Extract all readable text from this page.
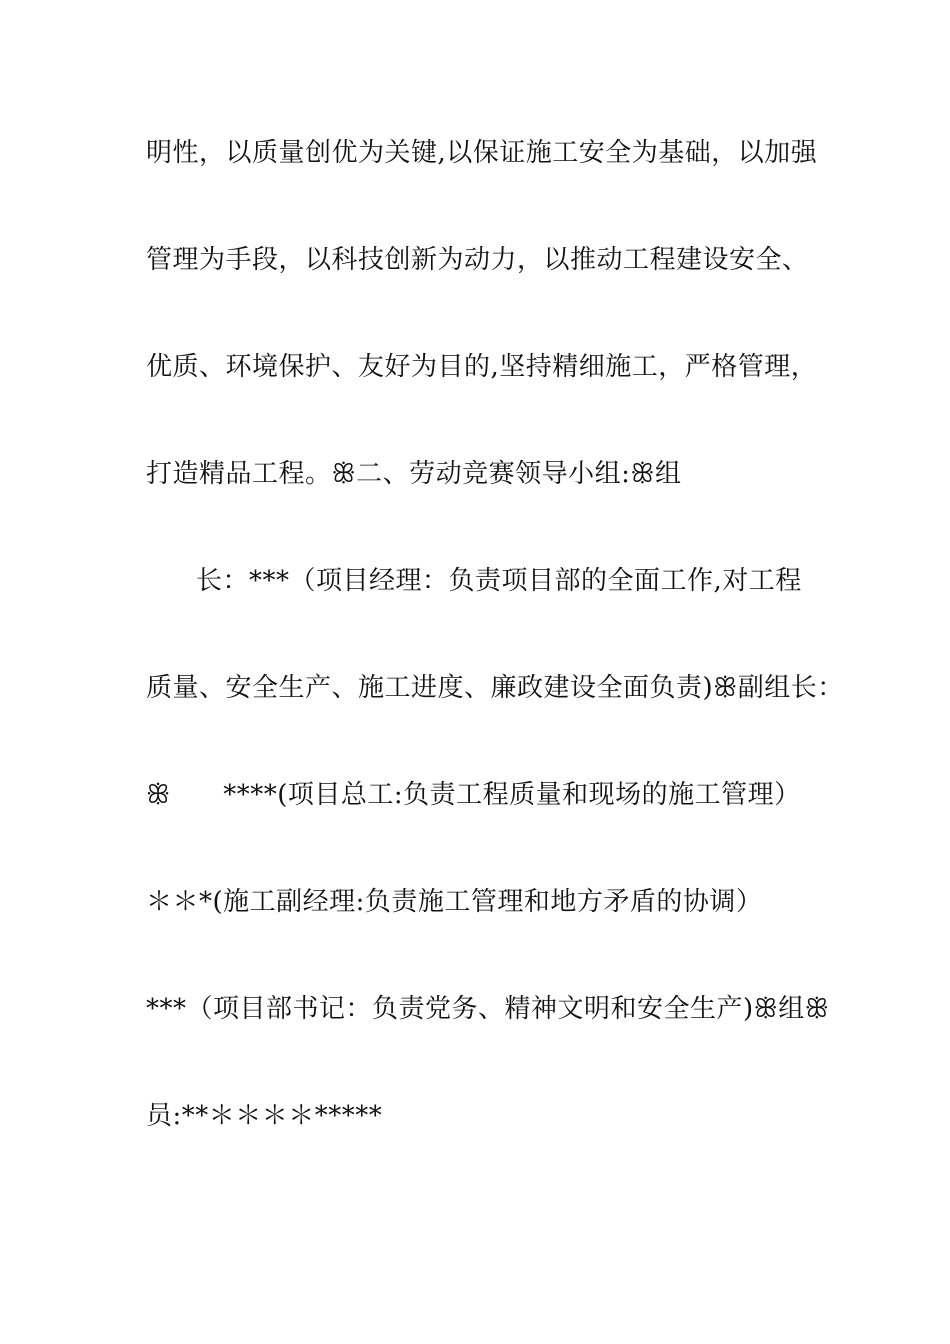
明性，以质量创优为关键,以保证施工安全为基础，以加强
管理为手段，以科技创新为动力，以推动工程建设安全、
优质、环境保护、友好为目的,坚持精细施工，严格管理，
打造精品工程。ꕥ二、劳动竞赛领导小组:ꕥ组
长：***（项目经理：负责项目部的全面工作,对工程
质量、安全生产、施工进度、廉政建设全面负责)ꕥ副组长：
ꕥ      ****(项目总工:负责工程质量和现场的施工管理）
＊＊*(施工副经理:负责施工管理和地方矛盾的协调）
***（项目部书记：负责党务、精神文明和安全生产)ꕥ组ꕥ
员:**＊＊＊＊*****
